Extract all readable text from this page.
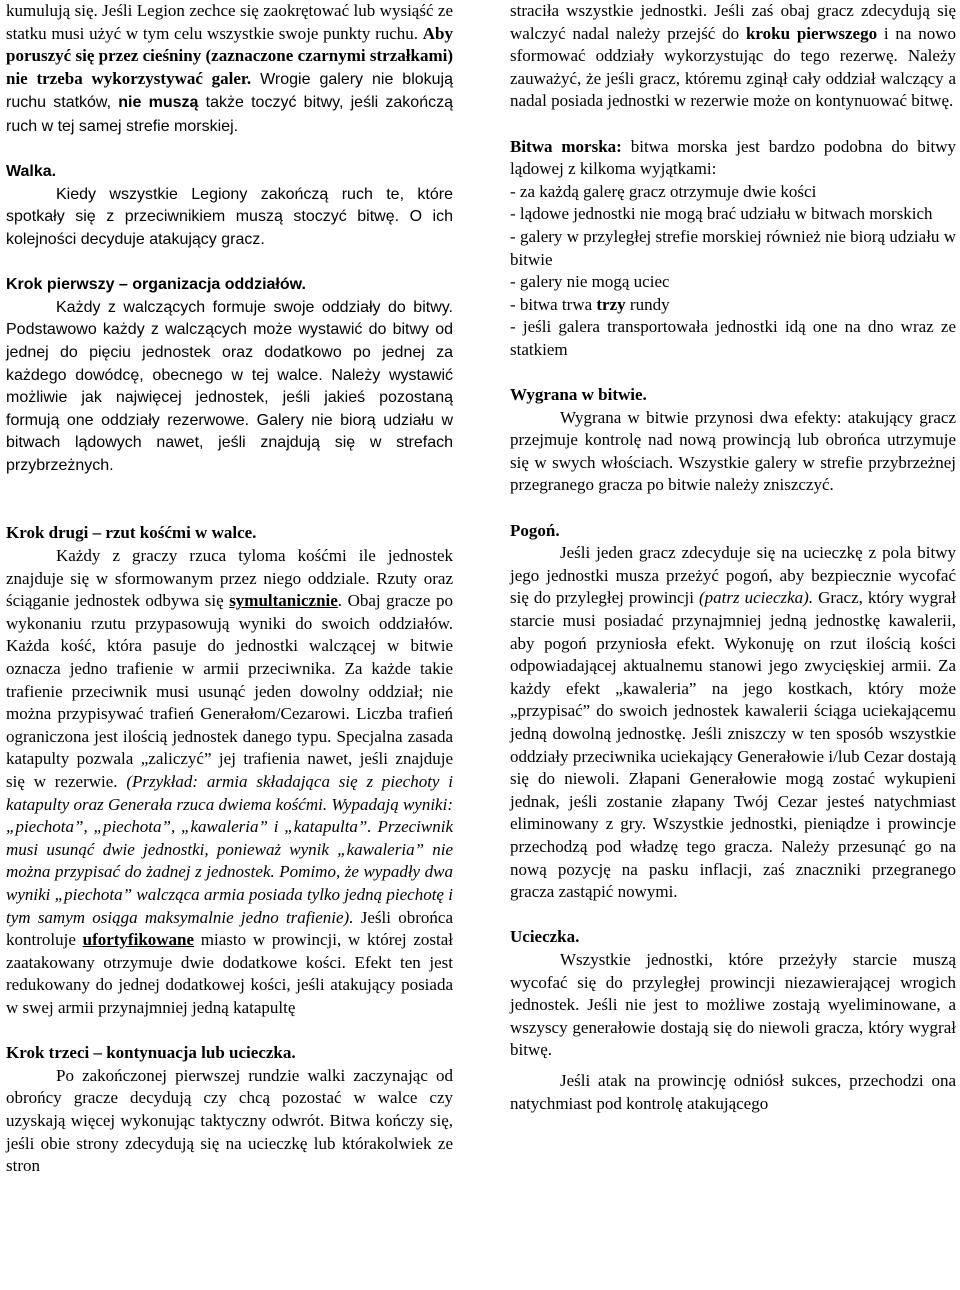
kumulują się. Jeśli Legion zechce się zaokrętować lub wysiąść ze statku musi użyć w tym celu wszystkie swoje punkty ruchu. Aby poruszyć się przez cieśniny (zaznaczone czarnymi strzałkami) nie trzeba wykorzystywać galer. Wrogie galery nie blokują ruchu statków, nie muszą także toczyć bitwy, jeśli zakończą ruch w tej samej strefie morskiej.

Walka.

Kiedy wszystkie Legiony zakończą ruch te, które spotkały się z przeciwnikiem muszą stoczyć bitwę. O ich kolejności decyduje atakujący gracz.

Krok pierwszy – organizacja oddziałów.

Każdy z walczących formuje swoje oddziały do bitwy. Podstawowo każdy z walczących może wystawić do bitwy od jednej do pięciu jednostek oraz dodatkowo po jednej za każdego dowódcę, obecnego w tej walce. Należy wystawić możliwie jak najwięcej jednostek, jeśli jakieś pozostaną formują one oddziały rezerwowe. Galery nie biorą udziału w bitwach lądowych nawet, jeśli znajdują się w strefach przybrzeżnych.

Krok drugi – rzut kośćmi w walce.

Każdy z graczy rzuca tyloma kośćmi ile jednostek znajduje się w sformowanym przez niego oddziale. Rzuty oraz ściąganie jednostek odbywa się symultanicznie. Obaj gracze po wykonaniu rzutu przypasowują wyniki do swoich oddziałów. Każda kość, która pasuje do jednostki walczącej w bitwie oznacza jedno trafienie w armii przeciwnika. Za każde takie trafienie przeciwnik musi usunąć jeden dowolny oddział; nie można przypisywać trafień Generałom/Cezarowi. Liczba trafień ograniczona jest ilością jednostek danego typu. Specjalna zasada katapulty pozwala „zaliczyć” jej trafienia nawet, jeśli znajduje się w rezerwie. (Przykład: armia składająca się z piechoty i katapulty oraz Generała rzuca dwiema kośćmi. Wypadają wyniki: „piechota”, „piechota”, „kawaleria” i „katapulta”. Przeciwnik musi usunąć dwie jednostki, ponieważ wynik „kawaleria” nie można przypisać do żadnej z jednostek. Pomimo, że wypadły dwa wyniki „piechota” walcząca armia posiada tylko jedną piechotę i tym samym osiąga maksymalnie jedno trafienie). Jeśli obrońca kontroluje ufortyfikowane miasto w prowincji, w której został zaatakowany otrzymuje dwie dodatkowe kości. Efekt ten jest redukowany do jednej dodatkowej kości, jeśli atakujący posiada w swej armii przynajmniej jedną katapultę

Krok trzeci – kontynuacja lub ucieczka.

Po zakończonej pierwszej rundzie walki zaczynając od obrońcy gracze decydują czy chcą pozostać w walce czy uzyskają więcej wykonując taktyczny odwrót. Bitwa kończy się, jeśli obie strony zdecydują się na ucieczkę lub którakolwiek ze stron

straciła wszystkie jednostki. Jeśli zaś obaj gracz zdecydują się walczyć nadal należy przejść do kroku pierwszego i na nowo sformować oddziały wykorzystując do tego rezerwę. Należy zauważyć, że jeśli gracz, któremu zginął cały oddział walczący a nadal posiada jednostki w rezerwie może on kontynuować bitwę.

Bitwa morska: bitwa morska jest bardzo podobna do bitwy lądowej z kilkoma wyjątkami:

- za każdą galerę gracz otrzymuje dwie kości

- lądowe jednostki nie mogą brać udziału w bitwach morskich

- galery w przyległej strefie morskiej również nie biorą udziału w bitwie

- galery nie mogą uciec

- bitwa trwa trzy rundy

- jeśli galera transportowała jednostki idą one na dno wraz ze statkiem

Wygrana w bitwie.

Wygrana w bitwie przynosi dwa efekty: atakujący gracz przejmuje kontrolę nad nową prowincją lub obrońca utrzymuje się w swych włościach. Wszystkie galery w strefie przybrzeżnej przegranego gracza po bitwie należy zniszczyć.

Pogoń.

Jeśli jeden gracz zdecyduje się na ucieczkę z pola bitwy jego jednostki musza przeżyć pogoń, aby bezpiecznie wycofać się do przyległej prowincji (patrz ucieczka). Gracz, który wygrał starcie musi posiadać przynajmniej jedną jednostkę kawalerii, aby pogoń przyniosła efekt. Wykonuję on rzut ilością kości odpowiadającej aktualnemu stanowi jego zwycięskiej armii. Za każdy efekt „kawaleria” na jego kostkach, który może „przypisać” do swoich jednostek kawalerii ściąga uciekającemu jedną dowolną jednostkę. Jeśli zniszczy w ten sposób wszystkie oddziały przeciwnika uciekający Generałowie i/lub Cezar dostają się do niewoli. Złapani Generałowie mogą zostać wykupieni jednak, jeśli zostanie złapany Twój Cezar jesteś natychmiast eliminowany z gry. Wszystkie jednostki, pieniądze i prowincje przechodzą pod władzę tego gracza. Należy przesunąć go na nową pozycję na pasku inflacji, zaś znaczniki przegranego gracza zastąpić nowymi.

Ucieczka.

Wszystkie jednostki, które przeżyły starcie muszą wycofać się do przyległej prowincji niezawierającej wrogich jednostek. Jeśli nie jest to możliwe zostają wyeliminowane, a wszyscy generałowie dostają się do niewoli gracza, który wygrał bitwę.

Jeśli atak na prowincję odniósł sukces, przechodzi ona natychmiast pod kontrolę atakującego
